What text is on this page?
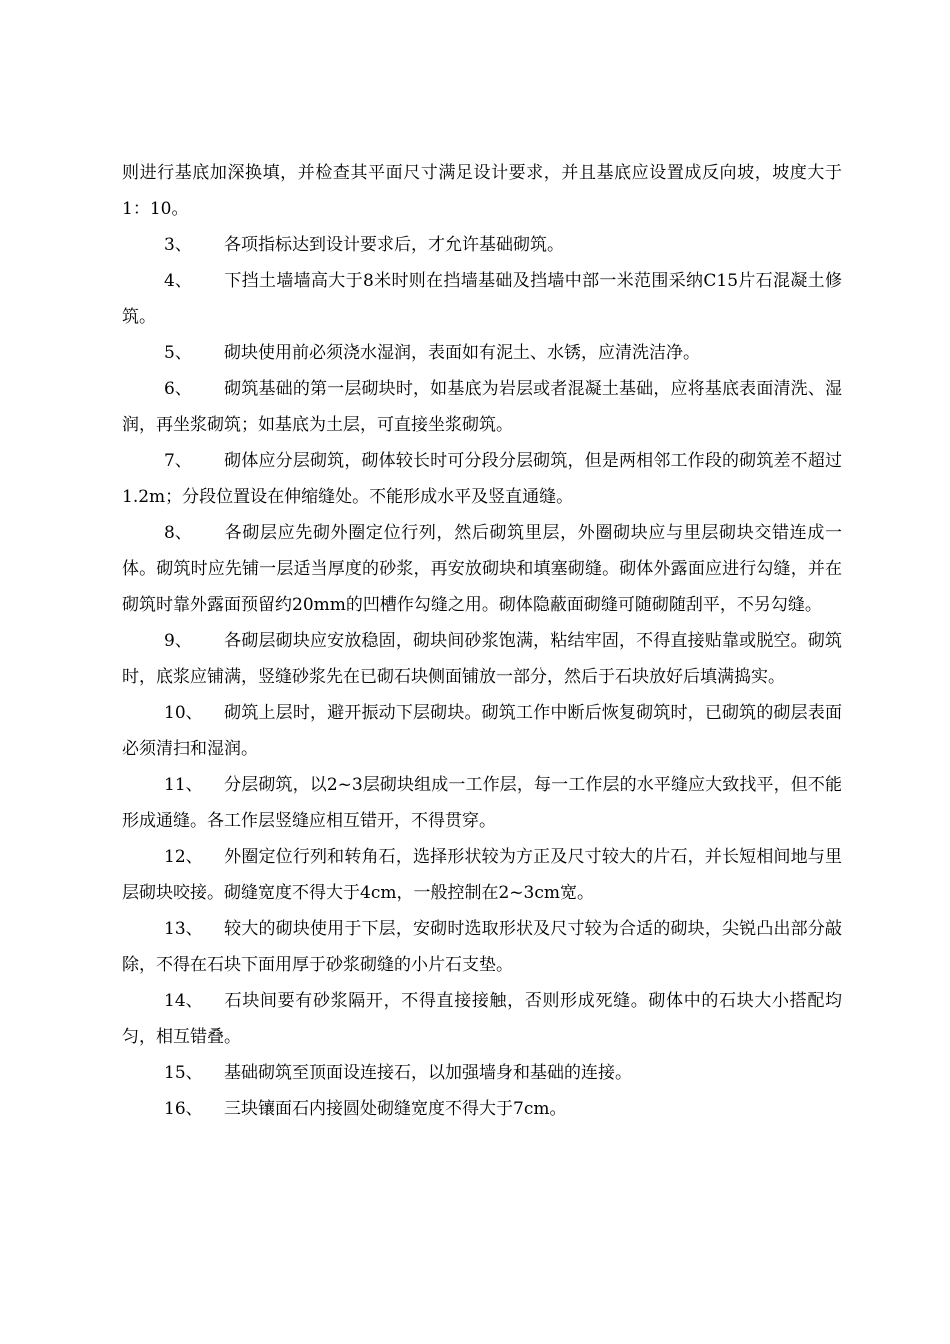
则进行基底加深换填，并检查其平面尺寸满足设计要求，并且基底应设置成反向坡，坡度大于1：10。

3、 各项指标达到设计要求后，才允许基础砌筑。

4、 下挡土墙墙高大于8米时则在挡墙基础及挡墙中部一米范围采纳C15片石混凝土修筑。

5、 砌块使用前必须浇水湿润，表面如有泥土、水锈，应清洗洁净。

6、 砌筑基础的第一层砌块时，如基底为岩层或者混凝土基础，应将基底表面清洗、湿润，再坐浆砌筑；如基底为土层，可直接坐浆砌筑。

7、 砌体应分层砌筑，砌体较长时可分段分层砌筑，但是两相邻工作段的砌筑差不超过1.2m；分段位置设在伸缩缝处。不能形成水平及竖直通缝。

8、 各砌层应先砌外圈定位行列，然后砌筑里层，外圈砌块应与里层砌块交错连成一体。砌筑时应先铺一层适当厚度的砂浆，再安放砌块和填塞砌缝。砌体外露面应进行勾缝，并在砌筑时靠外露面预留约20mm的凹槽作勾缝之用。砌体隐蔽面砌缝可随砌随刮平，不另勾缝。

9、 各砌层砌块应安放稳固，砌块间砂浆饱满，粘结牢固，不得直接贴靠或脱空。砌筑时，底浆应铺满，竖缝砂浆先在已砌石块侧面铺放一部分，然后于石块放好后填满捣实。

10、 砌筑上层时，避开振动下层砌块。砌筑工作中断后恢复砌筑时，已砌筑的砌层表面必须清扫和湿润。

11、 分层砌筑，以2~3层砌块组成一工作层，每一工作层的水平缝应大致找平，但不能形成通缝。各工作层竖缝应相互错开，不得贯穿。

12、 外圈定位行列和转角石，选择形状较为方正及尺寸较大的片石，并长短相间地与里层砌块咬接。砌缝宽度不得大于4cm，一般控制在2~3cm宽。

13、 较大的砌块使用于下层，安砌时选取形状及尺寸较为合适的砌块，尖锐凸出部分敲除，不得在石块下面用厚于砂浆砌缝的小片石支垫。

14、 石块间要有砂浆隔开，不得直接接触，否则形成死缝。砌体中的石块大小搭配均匀，相互错叠。

15、 基础砌筑至顶面设连接石，以加强墙身和基础的连接。

16、 三块镶面石内接圆处砌缝宽度不得大于7cm。
